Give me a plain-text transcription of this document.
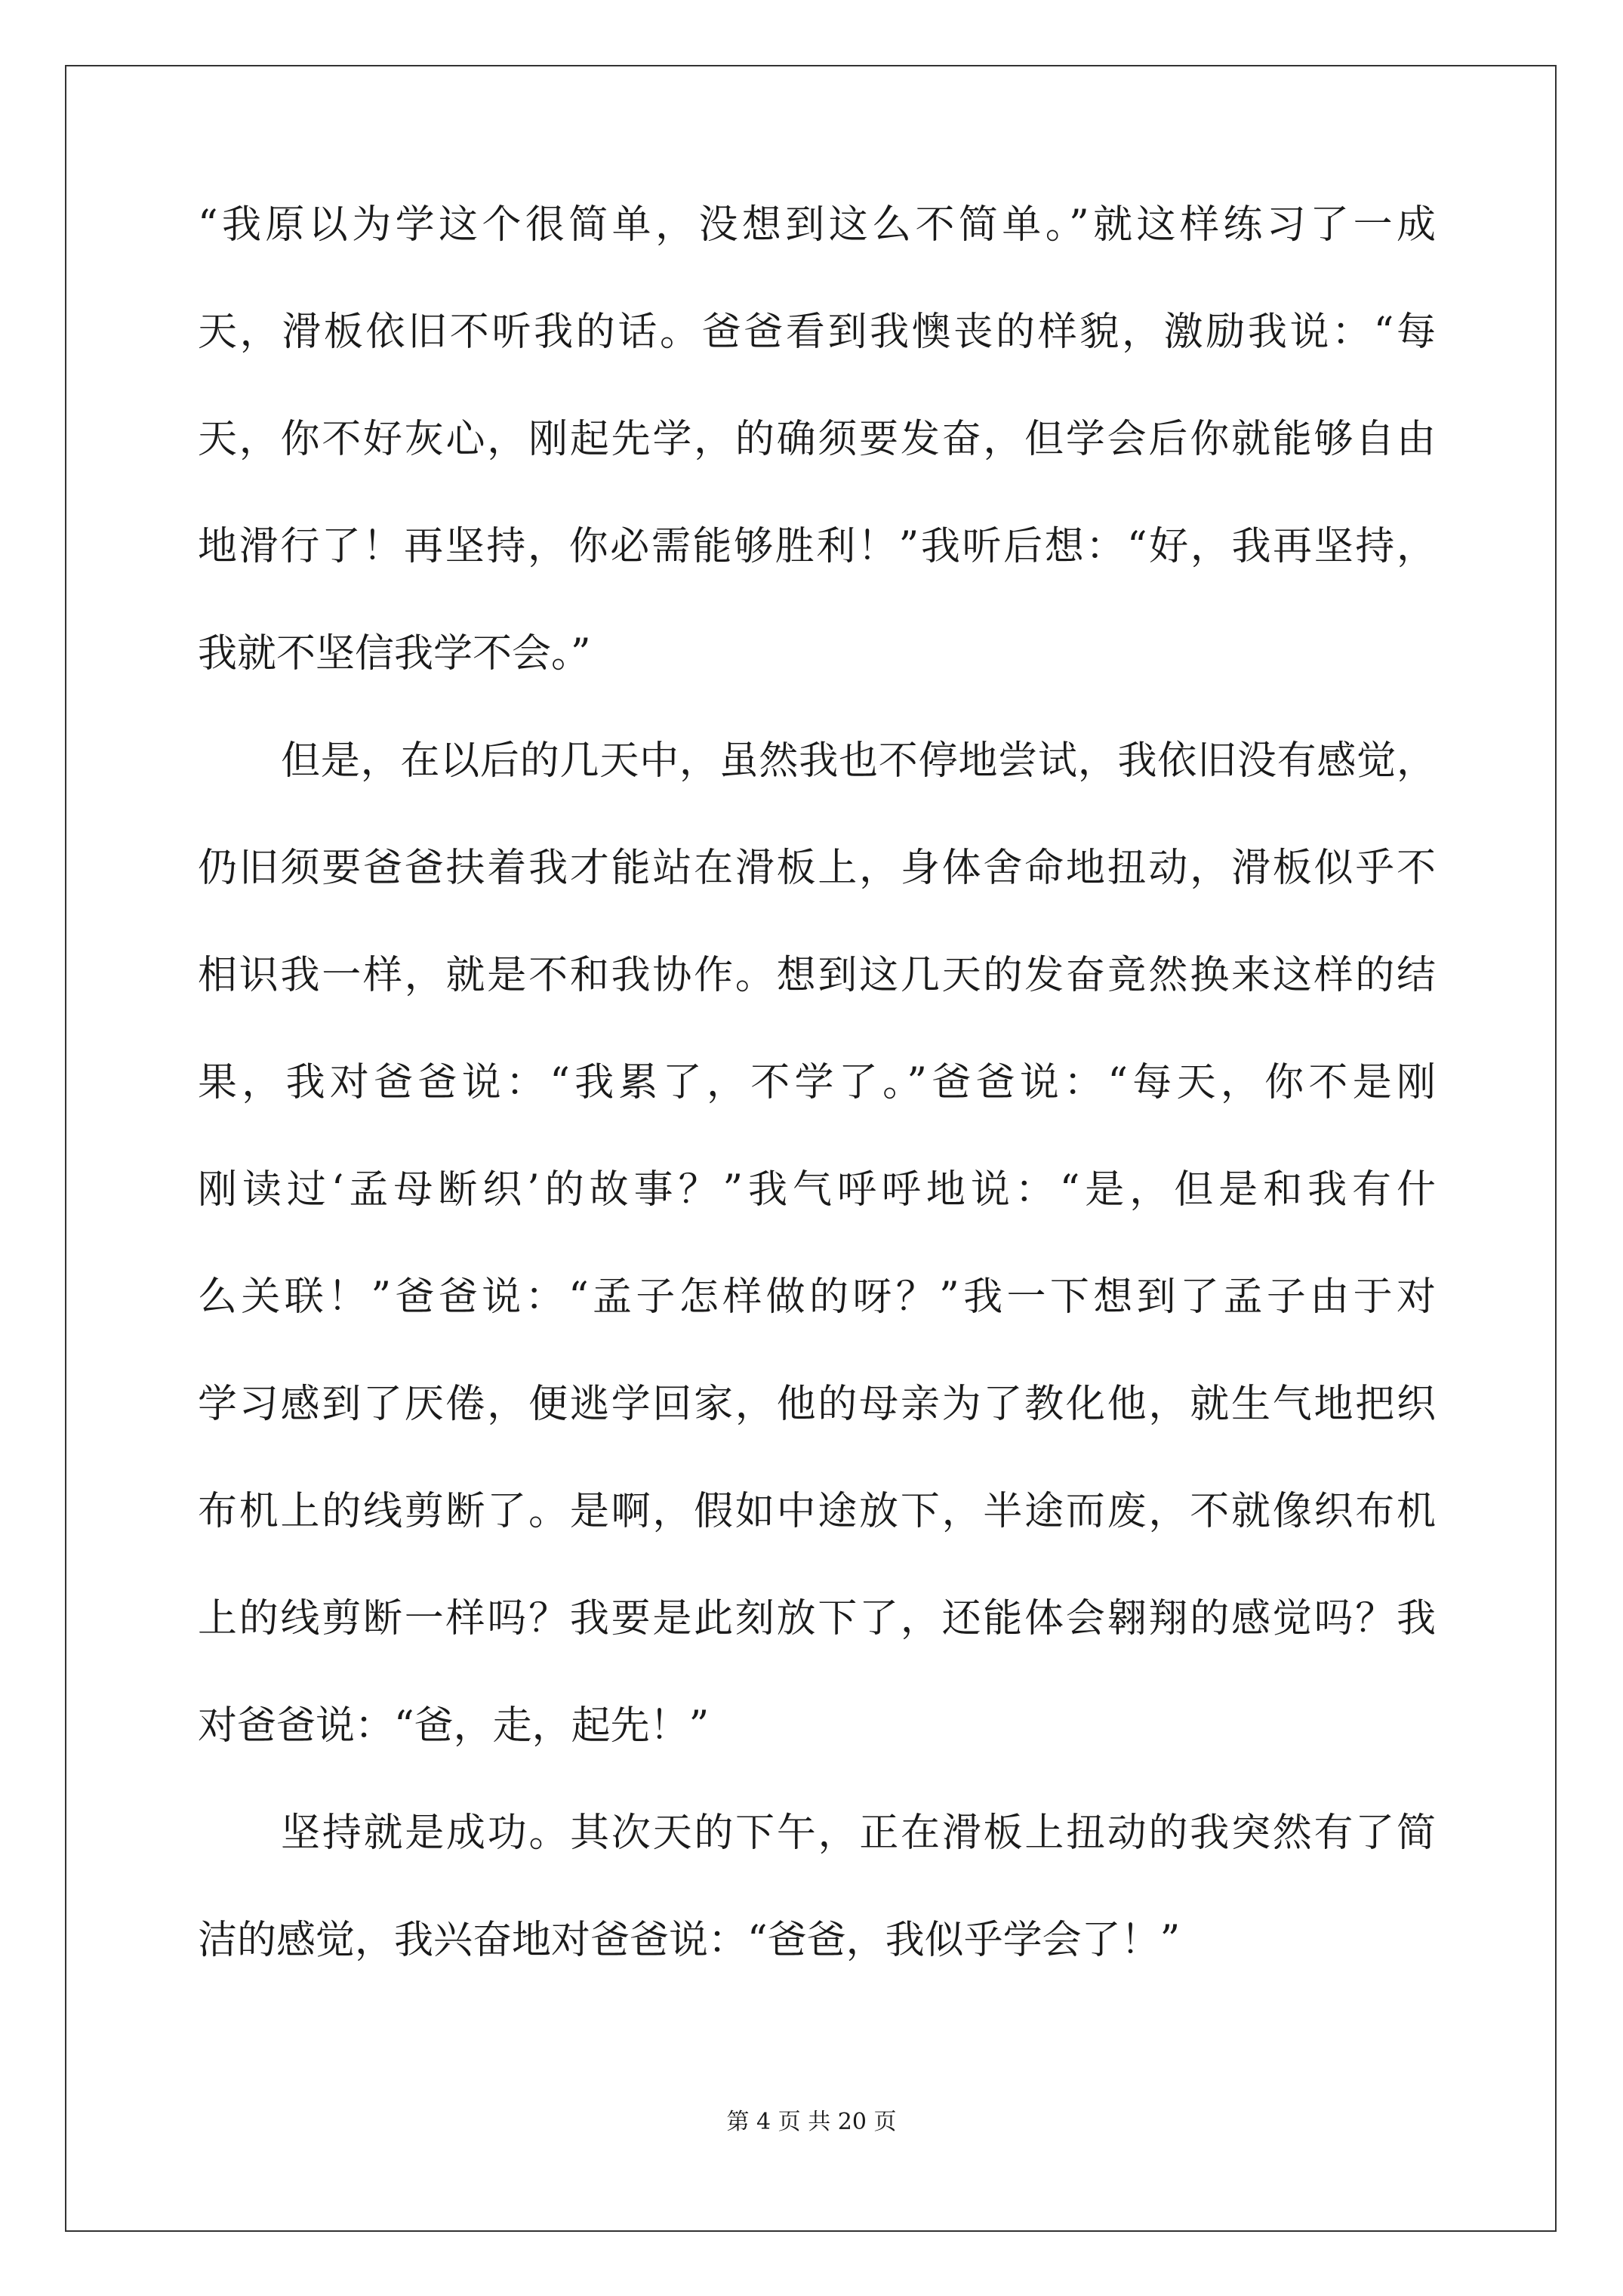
“我原以为学这个很简单，没想到这么不简单。”就这样练习了一成
天，滑板依旧不听我的话。爸爸看到我懊丧的样貌，激励我说：“每
天，你不好灰心，刚起先学，的确须要发奋，但学会后你就能够自由
地滑行了！再坚持，你必需能够胜利！”我听后想：“好，我再坚持，
我就不坚信我学不会。”
但是，在以后的几天中，虽然我也不停地尝试，我依旧没有感觉，
仍旧须要爸爸扶着我才能站在滑板上，身体舍命地扭动，滑板似乎不
相识我一样，就是不和我协作。想到这几天的发奋竟然换来这样的结
果，我对爸爸说：“我累了，不学了。”爸爸说：“每天，你不是刚
刚读过‘孟母断织’的故事？”我气呼呼地说：“是，但是和我有什
么关联！”爸爸说：“孟子怎样做的呀？”我一下想到了孟子由于对
学习感到了厌倦，便逃学回家，他的母亲为了教化他，就生气地把织
布机上的线剪断了。是啊，假如中途放下，半途而废，不就像织布机
上的线剪断一样吗？我要是此刻放下了，还能体会翱翔的感觉吗？我
对爸爸说：“爸，走，起先！”
坚持就是成功。其次天的下午，正在滑板上扭动的我突然有了简
洁的感觉，我兴奋地对爸爸说：“爸爸，我似乎学会了！”
第 4 页 共 20 页
